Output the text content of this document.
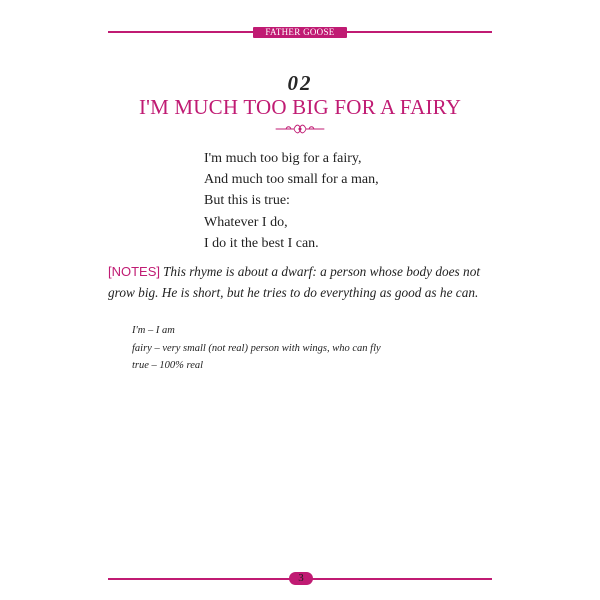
FATHER GOOSE
02
I'M MUCH TOO BIG FOR A FAIRY
I'm much too big for a fairy,
And much too small for a man,
But this is true:
Whatever I do,
I do it the best I can.
[NOTES] This rhyme is about a dwarf: a person whose body does not grow big. He is short, but he tries to do everything as good as he can.
I'm – I am
fairy – very small (not real) person with wings, who can fly
true – 100% real
3
